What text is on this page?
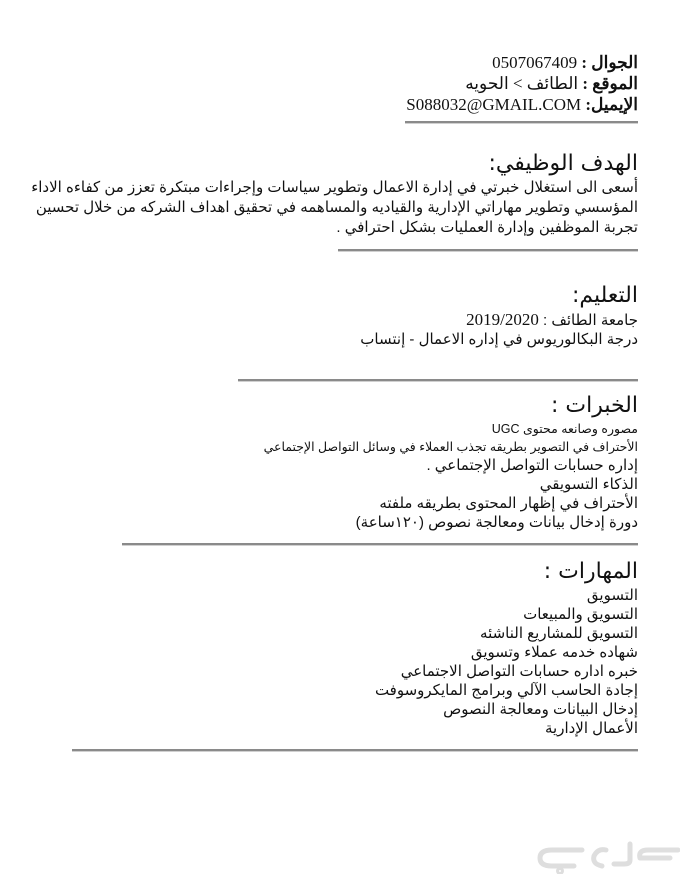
الجوال : 0507067409
الموقع : الطائف > الحويه
الإيميل: S088032@GMAIL.COM
الهدف الوظيفي:
أسعى الى استغلال خبرتي في إدارة الاعمال وتطوير سياسات وإجراءات مبتكرة تعزز من كفاءه الاداء المؤسسي وتطوير مهاراتي الإدارية والقياديه والمساهمه في تحقيق اهداف الشركه من خلال تحسين تجربة الموظفين وإدارة العمليات بشكل احترافي .
التعليم:
جامعة الطائف : 2019/2020
درجة البكالوريوس في إداره الاعمال - إنتساب
الخبرات :
مصوره وصانعه محتوى UGC
الأحتراف في التصوير بطريقه تجذب العملاء في وسائل التواصل الإجتماعي
إداره حسابات التواصل الإجتماعي .
الذكاء التسويقي
الأحتراف في إظهار المحتوى بطريقه ملفته
دورة إدخال بيانات ومعالجة نصوص (١٢٠ساعة)
المهارات :
التسويق
التسويق والمبيعات
التسويق للمشاريع الناشئه
شهاده خدمه عملاء وتسويق
خبره اداره حسابات التواصل الاجتماعي
إجادة الحاسب الآلي وبرامج المايكروسوفت
إدخال البيانات ومعالجة النصوص
الأعمال الإدارية
